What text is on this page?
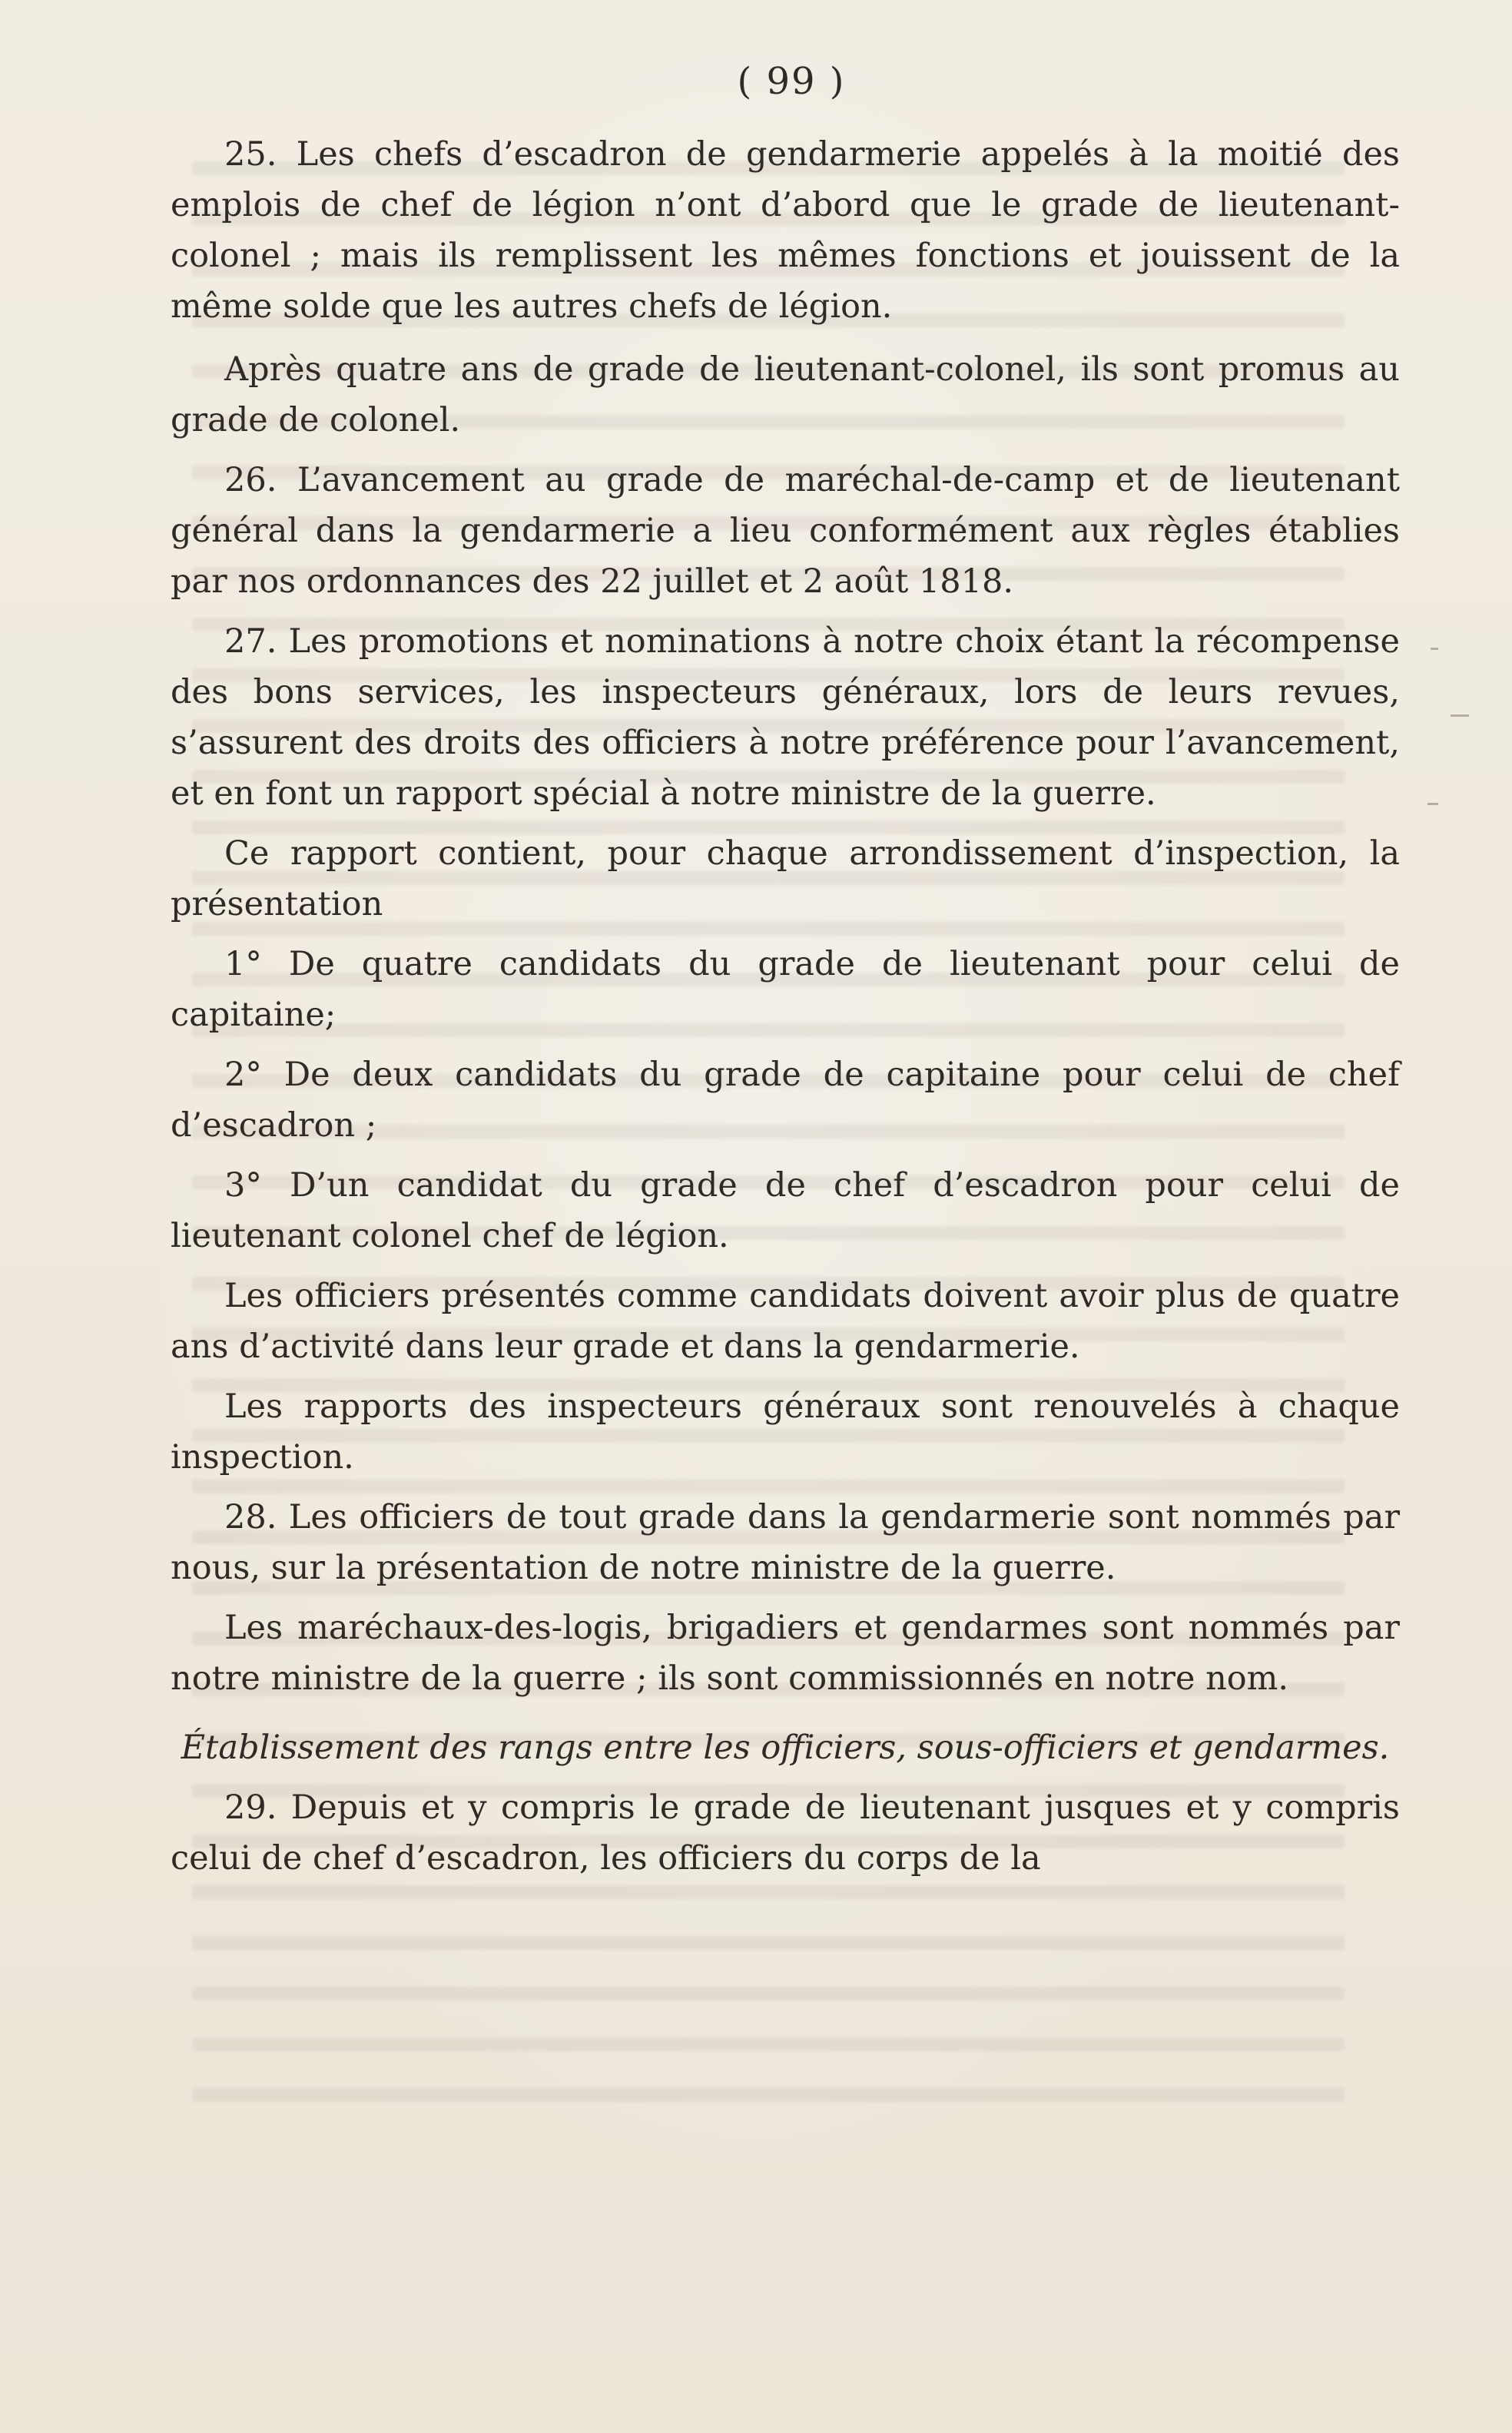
( 99 )

25. Les chefs d’escadron de gendarmerie appelés à la moitié des emplois de chef de légion n’ont d’abord que le grade de lieutenant-colonel ; mais ils remplissent les mêmes fonctions et jouissent de la même solde que les autres chefs de légion.

Après quatre ans de grade de lieutenant-colonel, ils sont promus au grade de colonel.

26. L’avancement au grade de maréchal-de-camp et de lieutenant général dans la gendarmerie a lieu conformément aux règles établies par nos ordonnances des 22 juillet et 2 août 1818.

27. Les promotions et nominations à notre choix étant la récompense des bons services, les inspecteurs généraux, lors de leurs revues, s’assurent des droits des officiers à notre préférence pour l’avancement, et en font un rapport spécial à notre ministre de la guerre.

Ce rapport contient, pour chaque arrondissement d’inspection, la présentation

1° De quatre candidats du grade de lieutenant pour celui de capitaine;

2° De deux candidats du grade de capitaine pour celui de chef d’escadron ;

3° D’un candidat du grade de chef d’escadron pour celui de lieutenant colonel chef de légion.

Les officiers présentés comme candidats doivent avoir plus de quatre ans d’activité dans leur grade et dans la gendarmerie.

Les rapports des inspecteurs généraux sont renouvelés à chaque inspection.

28. Les officiers de tout grade dans la gendarmerie sont nommés par nous, sur la présentation de notre ministre de la guerre.

Les maréchaux-des-logis, brigadiers et gendarmes sont nommés par notre ministre de la guerre ; ils sont commissionnés en notre nom.

Établissement des rangs entre les officiers, sous-officiers et gendarmes.

29. Depuis et y compris le grade de lieutenant jusques et y compris celui de chef d’escadron, les officiers du corps de la
